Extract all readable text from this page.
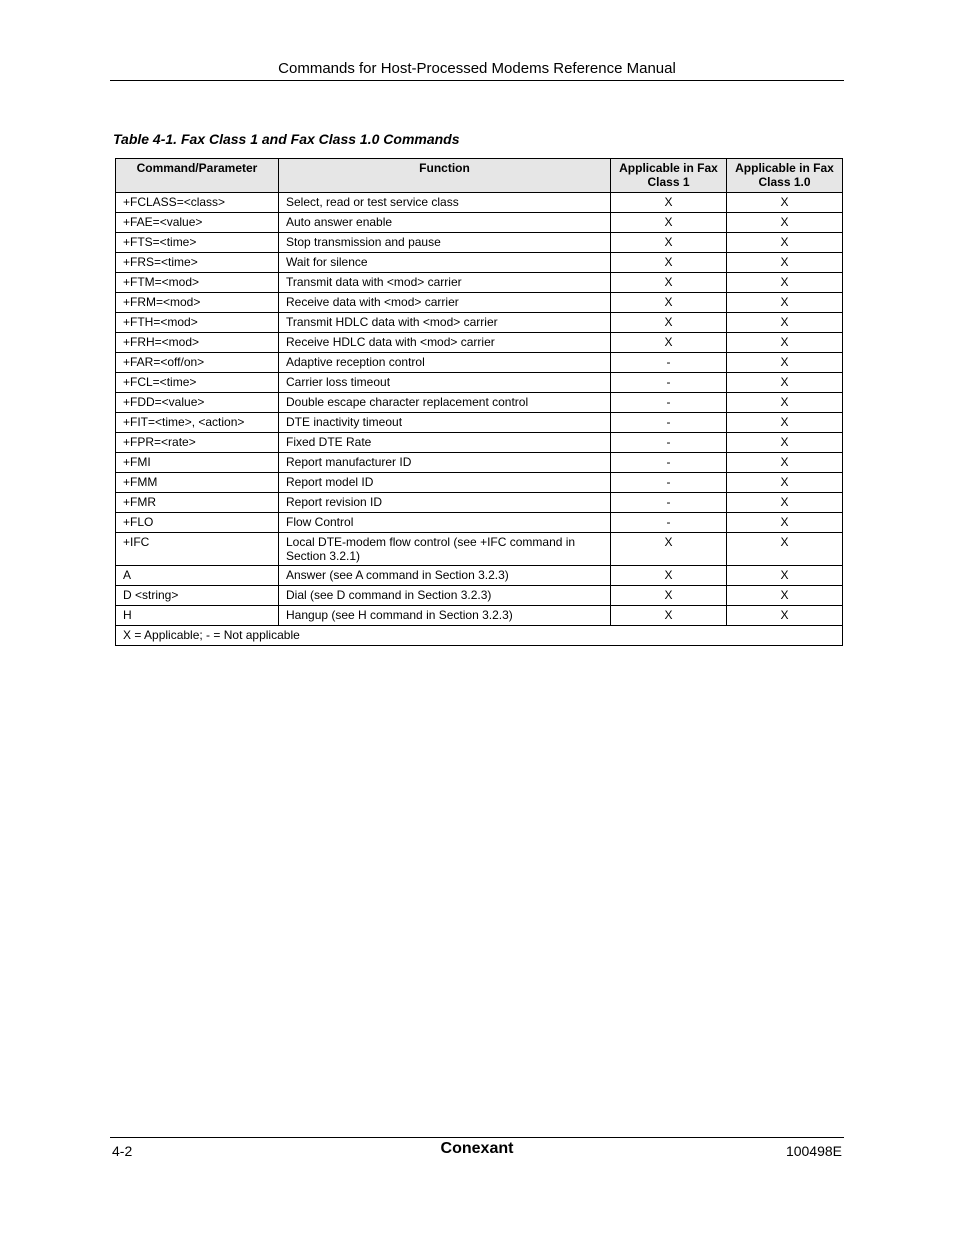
Commands for Host-Processed Modems Reference Manual
Table 4-1. Fax Class 1 and Fax Class 1.0 Commands
Command/Parameter	Function	Applicable in Fax Class 1	Applicable in Fax Class 1.0
+FCLASS=<class>	Select, read or test service class	X	X
+FAE=<value>	Auto answer enable	X	X
+FTS=<time>	Stop transmission and pause	X	X
+FRS=<time>	Wait for silence	X	X
+FTM=<mod>	Transmit data with <mod> carrier	X	X
+FRM=<mod>	Receive data with <mod> carrier	X	X
+FTH=<mod>	Transmit HDLC data with <mod> carrier	X	X
+FRH=<mod>	Receive HDLC data with <mod> carrier	X	X
+FAR=<off/on>	Adaptive reception control	-	X
+FCL=<time>	Carrier loss timeout	-	X
+FDD=<value>	Double escape character replacement control	-	X
+FIT=<time>, <action>	DTE inactivity timeout	-	X
+FPR=<rate>	Fixed DTE Rate	-	X
+FMI	Report manufacturer ID	-	X
+FMM	Report model ID	-	X
+FMR	Report revision ID	-	X
+FLO	Flow Control	-	X
+IFC	Local DTE-modem flow control (see +IFC command in Section 3.2.1)	X	X
A	Answer (see A command in Section 3.2.3)	X	X
D <string>	Dial (see D command in Section 3.2.3)	X	X
H	Hangup (see H command in Section 3.2.3)	X	X
X = Applicable; - = Not applicable			
4-2	Conexant	100498E
